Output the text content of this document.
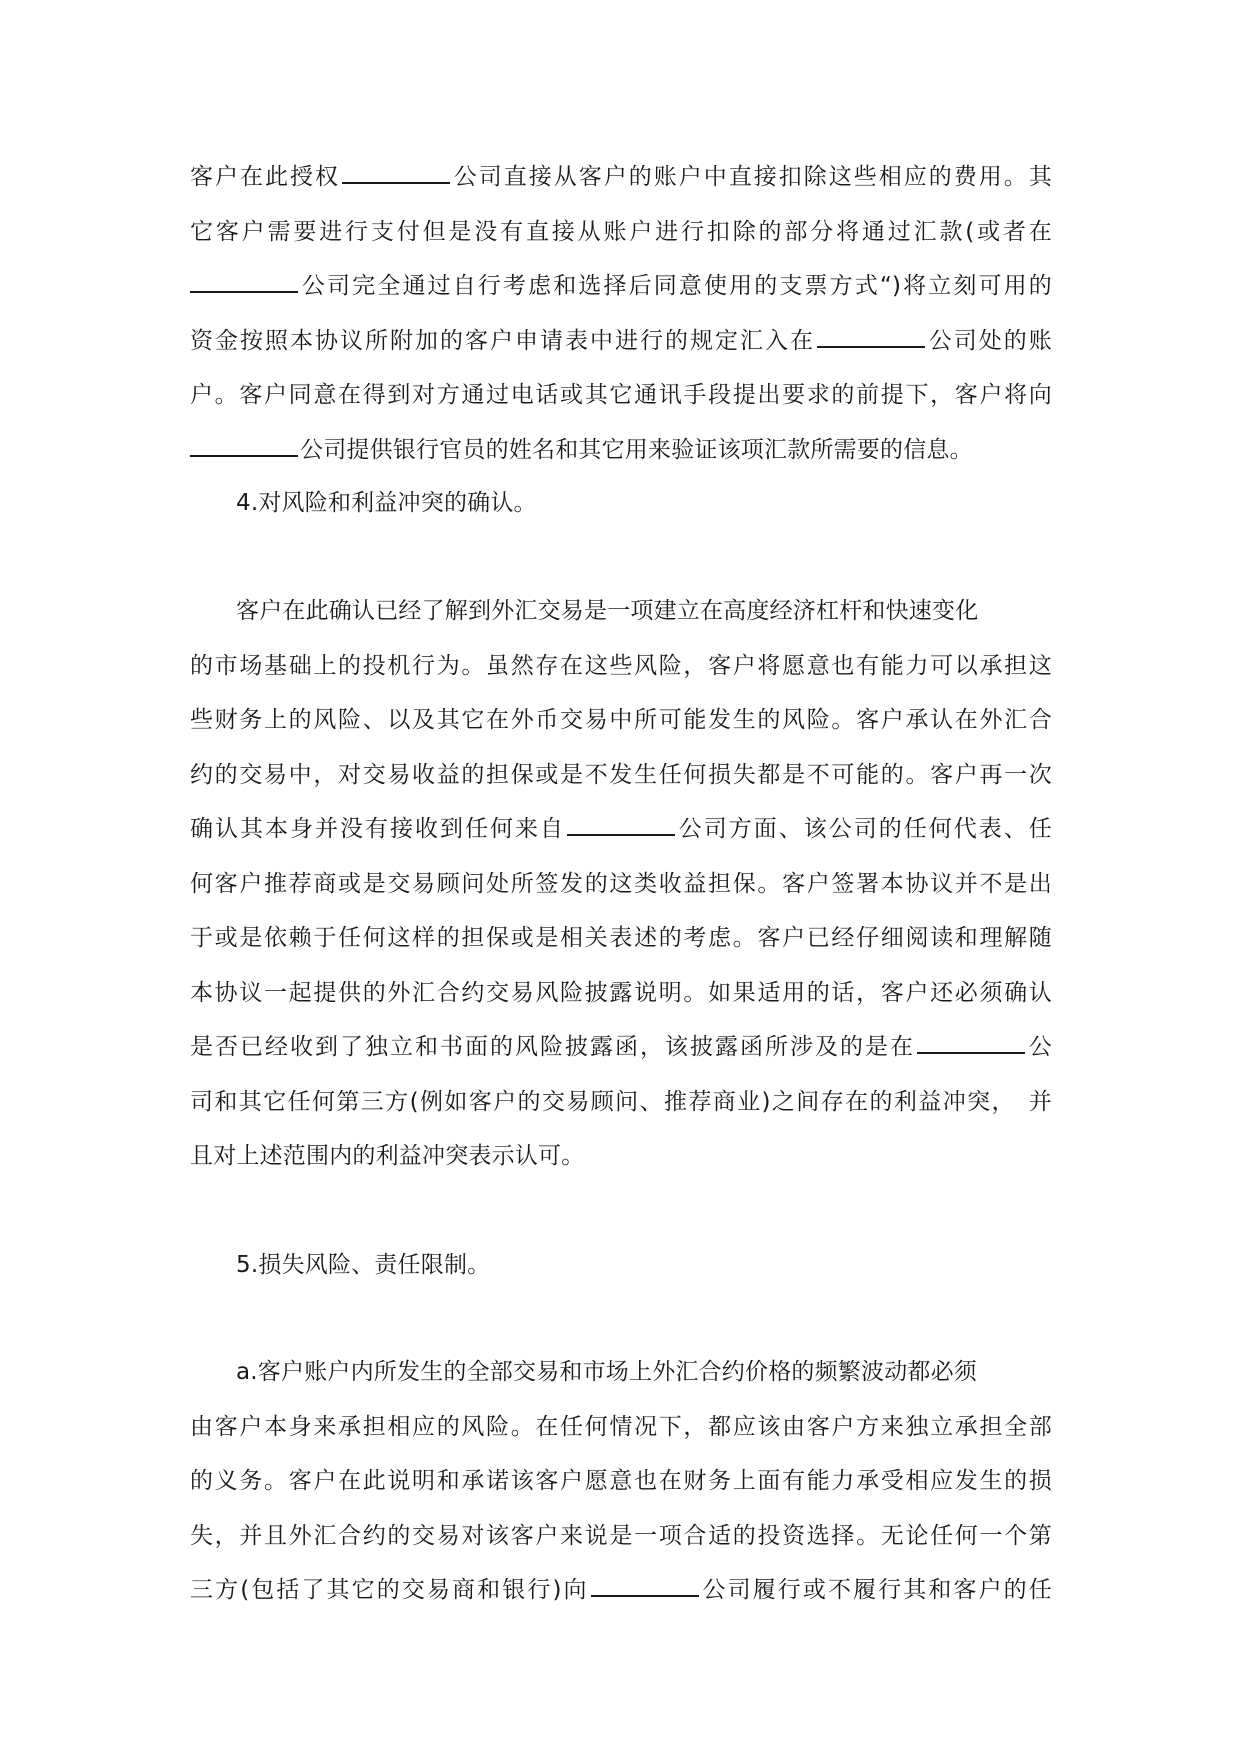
客户在此授权	公司直接从客户的账户中直接扣除这些相应的费用。其
它客户需要进行支付但是没有直接从账户进行扣除的部分将通过汇款(或者在
公司完全通过自行考虑和选择后同意使用的支票方式“)将立刻可用的
资金按照本协议所附加的客户申请表中进行的规定汇入在	公司处的账
户。客户同意在得到对方通过电话或其它通讯手段提出要求的前提下，客户将向
公司提供银行官员的姓名和其它用来验证该项汇款所需要的信息。
4.对风险和利益冲突的确认。
客户在此确认已经了解到外汇交易是一项建立在高度经济杠杆和快速变化
的市场基础上的投机行为。虽然存在这些风险，客户将愿意也有能力可以承担这
些财务上的风险、以及其它在外币交易中所可能发生的风险。客户承认在外汇合
约的交易中，对交易收益的担保或是不发生任何损失都是不可能的。客户再一次
确认其本身并没有接收到任何来自	公司方面、该公司的任何代表、任
何客户推荐商或是交易顾问处所签发的这类收益担保。客户签署本协议并不是出
于或是依赖于任何这样的担保或是相关表述的考虑。客户已经仔细阅读和理解随
本协议一起提供的外汇合约交易风险披露说明。如果适用的话，客户还必须确认
是否已经收到了独立和书面的风险披露函，该披露函所涉及的是在	公
司和其它任何第三方(例如客户的交易顾问、推荐商业)之间存在的利益冲突，　并
且对上述范围内的利益冲突表示认可。
5.损失风险、责任限制。
a.客户账户内所发生的全部交易和市场上外汇合约价格的频繁波动都必须
由客户本身来承担相应的风险。在任何情况下，都应该由客户方来独立承担全部
的义务。客户在此说明和承诺该客户愿意也在财务上面有能力承受相应发生的损
失，并且外汇合约的交易对该客户来说是一项合适的投资选择。无论任何一个第
三方(包括了其它的交易商和银行)向	公司履行或不履行其和客户的任
